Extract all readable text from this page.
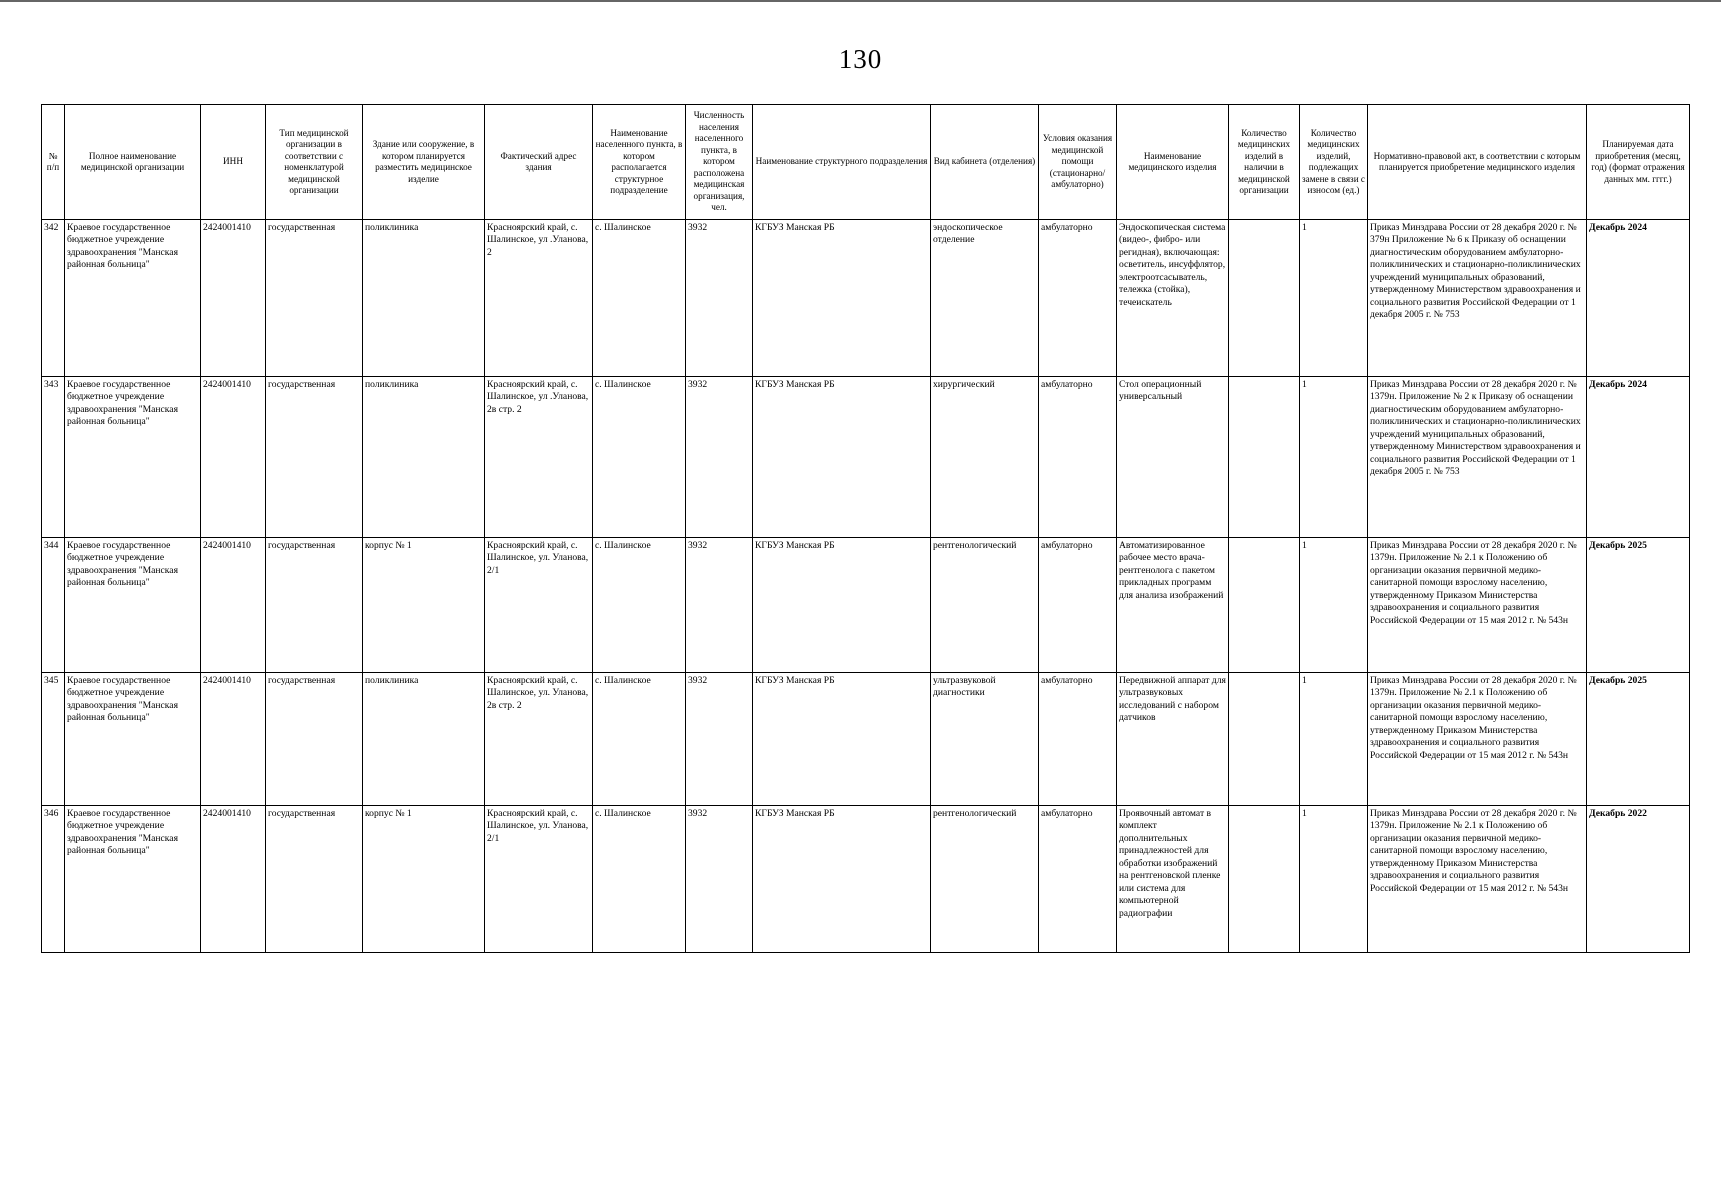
130
№ п/п	Полное наименование медицинской организации	ИНН	Тип медицинской организации в соответствии с номенклатурой медицинской организации	Здание или сооружение, в котором планируется разместить медицинское изделие	Фактический адрес здания	Наименование населенного пункта, в котором располагается структурное подразделение	Численность населения населенного пункта, в котором расположена медицинская организация, чел.	Наименование структурного подразделения	Вид кабинета (отделения)	Условия оказания медицинской помощи (стационарно/ амбулаторно)	Наименование медицинского изделия	Количество медицинских изделий в наличии в медицинской организации	Количество медицинских изделий, подлежащих замене в связи с износом (ед.)	Нормативно-правовой акт, в соответствии с которым планируется приобретение медицинского изделия	Планируемая дата приобретения (месяц, год) (формат отражения данных мм. гггг.)
342	Краевое государственное бюджетное учреждение здравоохранения "Манская районная больница"	2424001410	государственная	поликлиника	Красноярский край, с. Шалинское, ул .Уланова, 2	с. Шалинское	3932	КГБУЗ Манская РБ	эндоскопическое отделение	амбулаторно	Эндоскопическая система (видео-, фибро- или регидная), включающая: осветитель, инсуффлятор, электроотсасыватель, тележка (стойка), течеискатель		1	Приказ Минздрава России от 28 декабря 2020 г. № 379н Приложение № 6 к Приказу об оснащении диагностическим оборудованием амбулаторно-поликлинических и стационарно-поликлинических учреждений муниципальных образований, утвержденному Министерством здравоохранения и социального развития Российской Федерации от 1 декабря 2005 г. № 753	Декабрь 2024
343	Краевое государственное бюджетное учреждение здравоохранения "Манская районная больница"	2424001410	государственная	поликлиника	Красноярский край, с. Шалинское, ул .Уланова, 2в стр. 2	с. Шалинское	3932	КГБУЗ Манская РБ	хирургический	амбулаторно	Стол операционный универсальный		1	Приказ Минздрава России от 28 декабря 2020 г. № 1379н. Приложение № 2 к Приказу об оснащении диагностическим оборудованием амбулаторно-поликлинических и стационарно-поликлинических учреждений муниципальных образований, утвержденному Министерством здравоохранения и социального развития Российской Федерации от 1 декабря 2005 г. № 753	Декабрь 2024
344	Краевое государственное бюджетное учреждение здравоохранения "Манская районная больница"	2424001410	государственная	корпус № 1	Красноярский край, с. Шалинское, ул. Уланова, 2/1	с. Шалинское	3932	КГБУЗ Манская РБ	рентгенологический	амбулаторно	Автоматизированное рабочее место врача-рентгенолога с пакетом прикладных программ для анализа изображений		1	Приказ Минздрава России от 28 декабря 2020 г. № 1379н. Приложение № 2.1 к Положению об организации оказания первичной медико-санитарной помощи взрослому населению, утвержденному Приказом Министерства здравоохранения и социального развития Российской Федерации от 15 мая 2012 г. № 543н	Декабрь 2025
345	Краевое государственное бюджетное учреждение здравоохранения "Манская районная больница"	2424001410	государственная	поликлиника	Красноярский край, с. Шалинское, ул. Уланова, 2в стр. 2	с. Шалинское	3932	КГБУЗ Манская РБ	ультразвуковой диагностики	амбулаторно	Передвижной аппарат для ультразвуковых исследований с набором датчиков		1	Приказ Минздрава России от 28 декабря 2020 г. № 1379н. Приложение № 2.1 к Положению об организации оказания первичной медико-санитарной помощи взрослому населению, утвержденному Приказом Министерства здравоохранения и социального развития Российской Федерации от 15 мая 2012 г. № 543н	Декабрь 2025
346	Краевое государственное бюджетное учреждение здравоохранения "Манская районная больница"	2424001410	государственная	корпус № 1	Красноярский край, с. Шалинское, ул. Уланова, 2/1	с. Шалинское	3932	КГБУЗ Манская РБ	рентгенологический	амбулаторно	Проявочный автомат в комплект дополнительных принадлежностей для обработки изображений на рентгеновской пленке или система для компьютерной радиографии		1	Приказ Минздрава России от 28 декабря 2020 г. № 1379н. Приложение № 2.1 к Положению об организации оказания первичной медико-санитарной помощи взрослому населению, утвержденному Приказом Министерства здравоохранения и социального развития Российской Федерации от 15 мая 2012 г. № 543н	Декабрь 2022
